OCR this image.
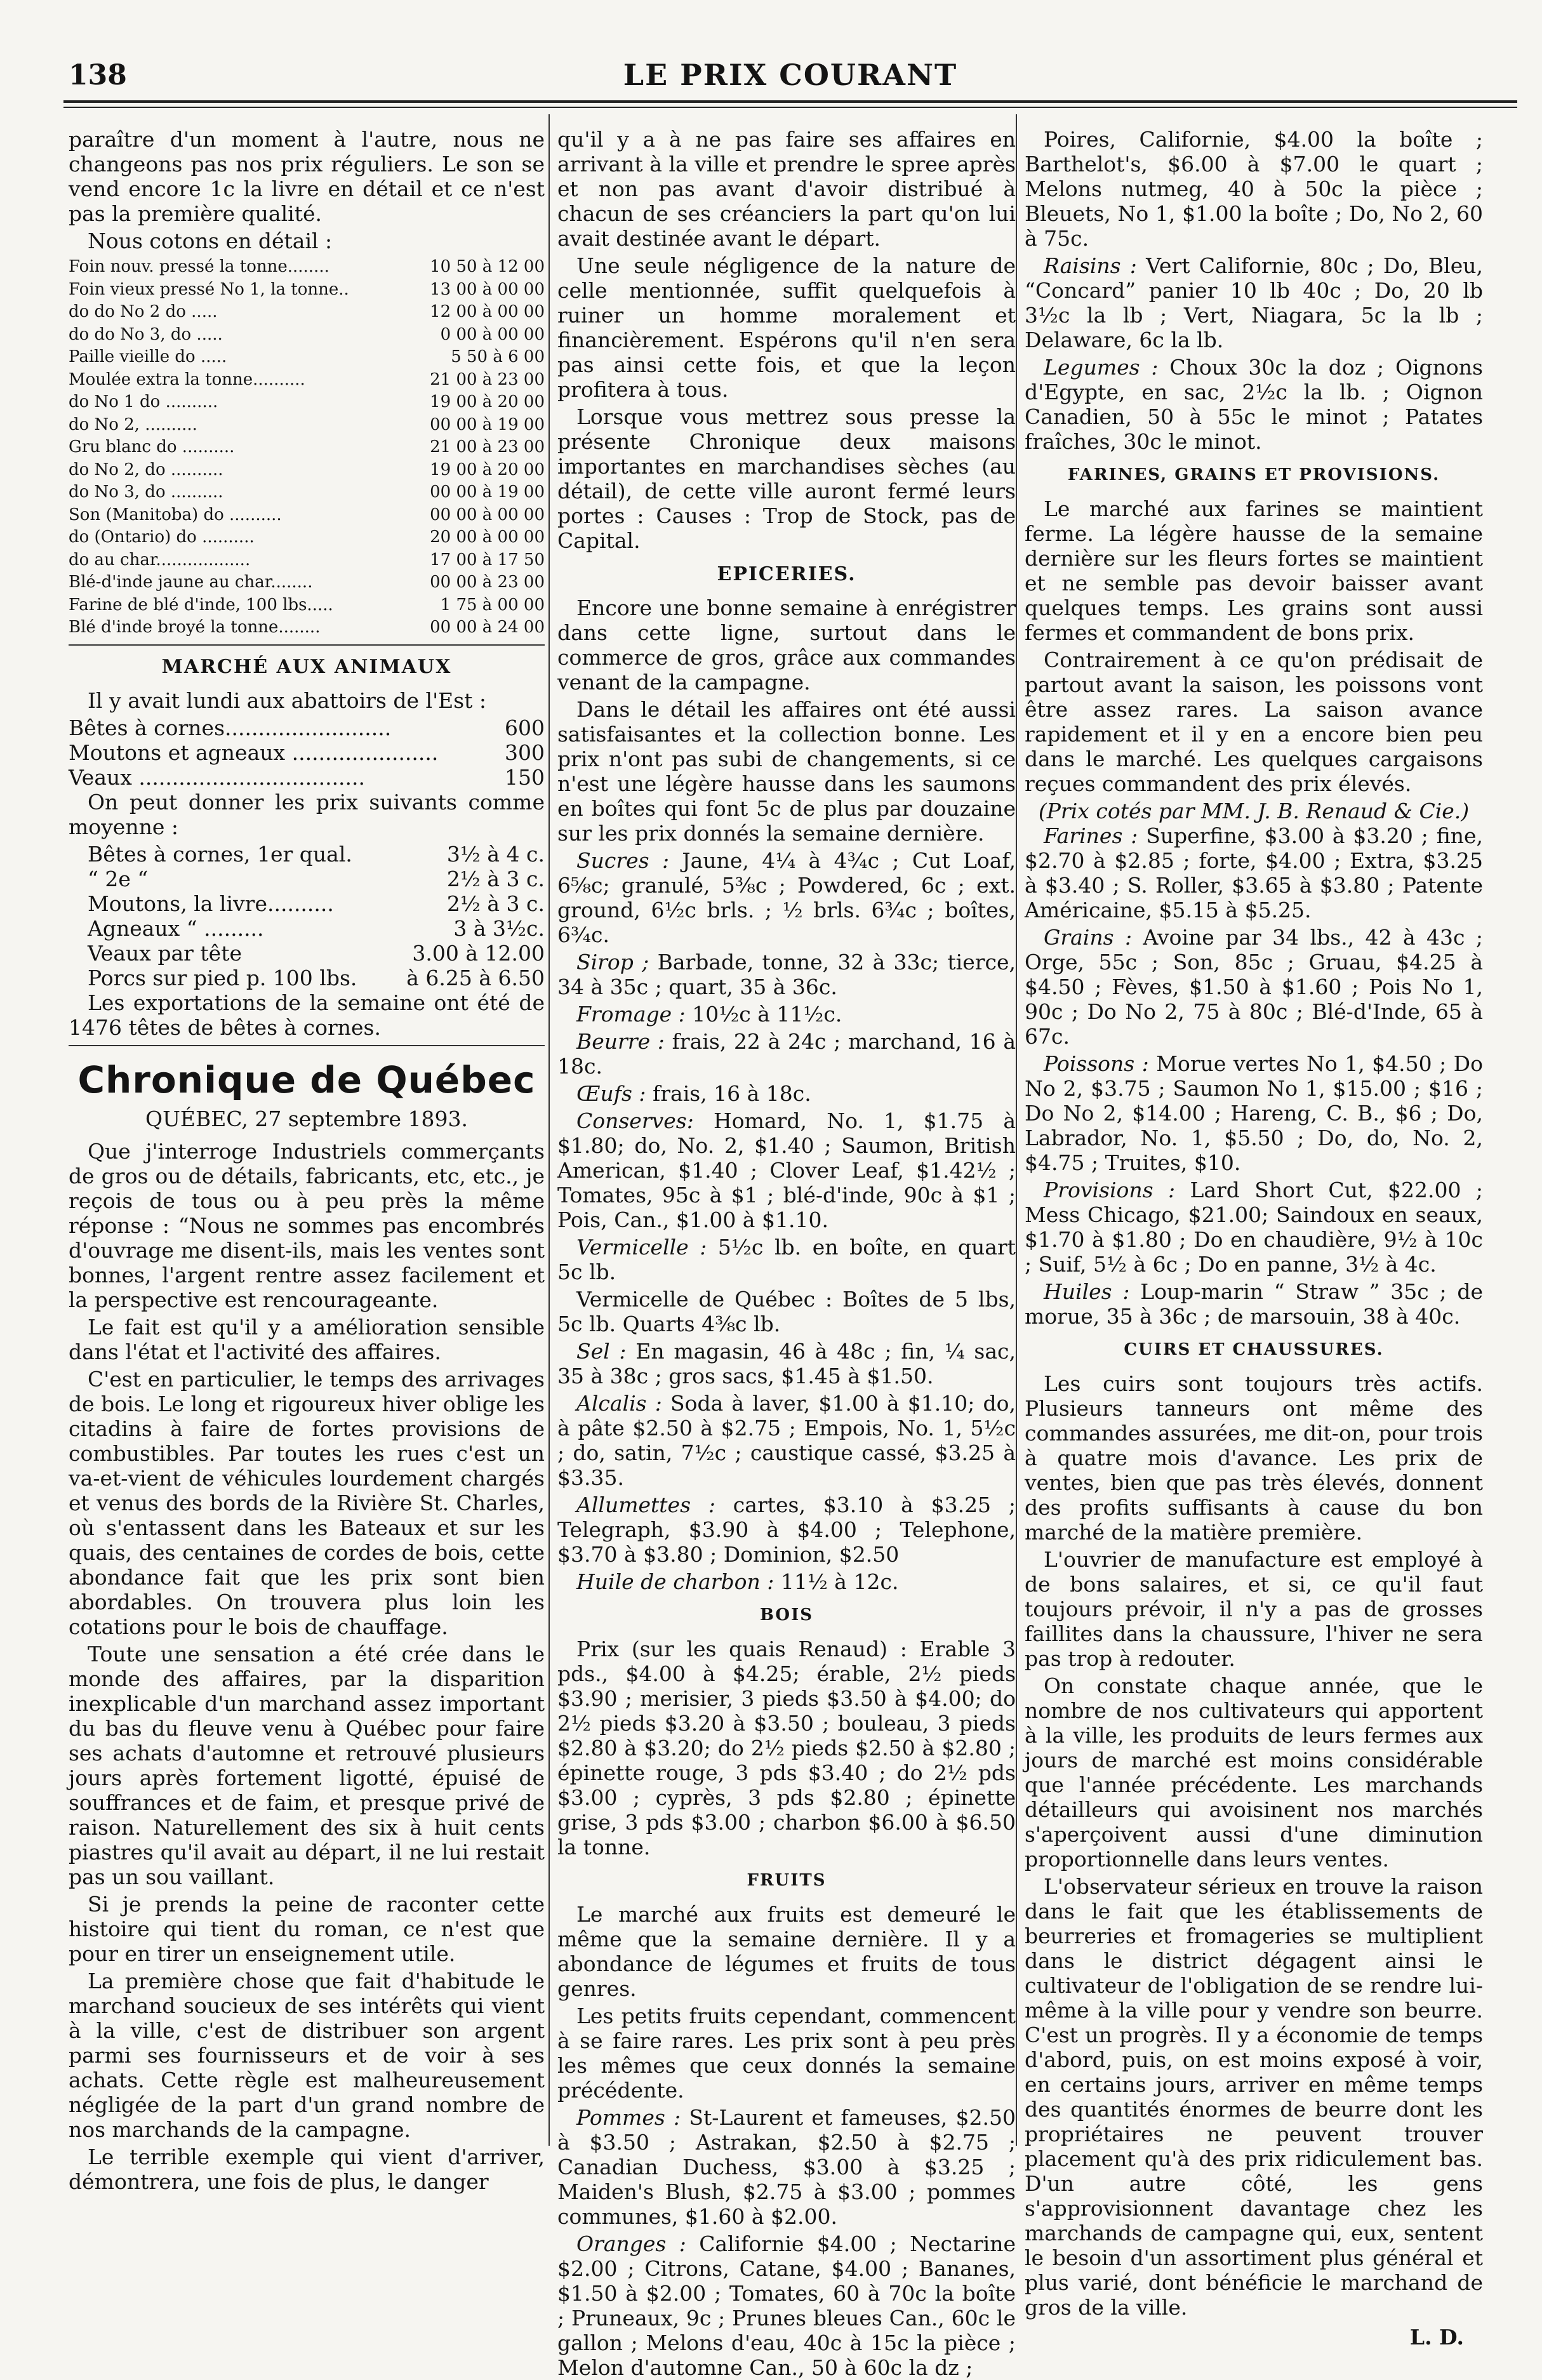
138	LE PRIX COURANT

paraître d'un moment à l'autre, nous ne changeons pas nos prix réguliers. Le son se vend encore 1c la livre en détail et ce n'est pas la première qualité.

Nous cotons en détail :

Foin nouv. pressé la tonne........	10 50 à 12 00
Foin vieux pressé No 1, la tonne..	13 00 à 00 00
do do No 2 do .....	12 00 à 00 00
do do No 3, do .....	0 00 à 00 00
Paille vieille do .....	5 50 à 6 00
Moulée extra la tonne..........	21 00 à 23 00
do No 1 do ..........	19 00 à 20 00
do No 2, ..........	00 00 à 19 00
Gru blanc do ..........	21 00 à 23 00
do No 2, do ..........	19 00 à 20 00
do No 3, do ..........	00 00 à 19 00
Son (Manitoba) do ..........	00 00 à 00 00
do (Ontario) do ..........	20 00 à 00 00
do au char..................	17 00 à 17 50
Blé-d'inde jaune au char........	00 00 à 23 00
Farine de blé d'inde, 100 lbs.....	1 75 à 00 00
Blé d'inde broyé la tonne........	00 00 à 24 00
MARCHÉ AUX ANIMAUX

Il y avait lundi aux abattoirs de l'Est :

Bêtes à cornes.........................	600
Moutons et agneaux ......................	300
Veaux ..................................	150

On peut donner les prix suivants comme moyenne :

Bêtes à cornes, 1er qual.	3½ à 4 c.
“ 2e “	2½ à 3 c.
Moutons, la livre..........	2½ à 3 c.
Agneaux “ .........	3 à 3½c.
Veaux par tête	3.00 à 12.00
Porcs sur pied p. 100 lbs. à 6.25 à 6.50

Les exportations de la semaine ont été de 1476 têtes de bêtes à cornes.

Chronique de Québec
QUÉBEC, 27 septembre 1893.

Que j'interroge Industriels commerçants de gros ou de détails, fabricants, etc, etc., je reçois de tous ou à peu près la même réponse : “Nous ne sommes pas encombrés d'ouvrage me disent-ils, mais les ventes sont bonnes, l'argent rentre assez facilement et la perspective est rencourageante.

Le fait est qu'il y a amélioration sensible dans l'état et l'activité des affaires.

C'est en particulier, le temps des arrivages de bois. Le long et rigoureux hiver oblige les citadins à faire de fortes provisions de combustibles. Par toutes les rues c'est un va-et-vient de véhicules lourdement chargés et venus des bords de la Rivière St. Charles, où s'entassent dans les Bateaux et sur les quais, des centaines de cordes de bois, cette abondance fait que les prix sont bien abordables. On trouvera plus loin les cotations pour le bois de chauffage.

Toute une sensation a été crée dans le monde des affaires, par la disparition inexplicable d'un marchand assez important du bas du fleuve venu à Québec pour faire ses achats d'automne et retrouvé plusieurs jours après fortement ligotté, épuisé de souffrances et de faim, et presque privé de raison. Naturellement des six à huit cents piastres qu'il avait au départ, il ne lui restait pas un sou vaillant.

Si je prends la peine de raconter cette histoire qui tient du roman, ce n'est que pour en tirer un enseignement utile.

La première chose que fait d'habitude le marchand soucieux de ses intérêts qui vient à la ville, c'est de distribuer son argent parmi ses fournisseurs et de voir à ses achats. Cette règle est malheureusement négligée de la part d'un grand nombre de nos marchands de la campagne.

Le terrible exemple qui vient d'arriver, démontrera, une fois de plus, le danger

qu'il y a à ne pas faire ses affaires en arrivant à la ville et prendre le spree après et non pas avant d'avoir distribué à chacun de ses créanciers la part qu'on lui avait destinée avant le départ.

Une seule négligence de la nature de celle mentionnée, suffit quelquefois à ruiner un homme moralement et financièrement. Espérons qu'il n'en sera pas ainsi cette fois, et que la leçon profitera à tous.

Lorsque vous mettrez sous presse la présente Chronique deux maisons importantes en marchandises sèches (au détail), de cette ville auront fermé leurs portes : Causes : Trop de Stock, pas de Capital.

EPICERIES.

Encore une bonne semaine à enrégistrer dans cette ligne, surtout dans le commerce de gros, grâce aux commandes venant de la campagne.

Dans le détail les affaires ont été aussi satisfaisantes et la collection bonne. Les prix n'ont pas subi de changements, si ce n'est une légère hausse dans les saumons en boîtes qui font 5c de plus par douzaine sur les prix donnés la semaine dernière.

Sucres : Jaune, 4¼ à 4¾c ; Cut Loaf, 6⅝c; granulé, 5⅜c ; Powdered, 6c ; ext. ground, 6½c brls. ; ½ brls. 6¾c ; boîtes, 6¾c.

Sirop ; Barbade, tonne, 32 à 33c; tierce, 34 à 35c ; quart, 35 à 36c.

Fromage : 10½c à 11½c.

Beurre : frais, 22 à 24c ; marchand, 16 à 18c.

Œufs : frais, 16 à 18c.

Conserves: Homard, No. 1, $1.75 à $1.80; do, No. 2, $1.40 ; Saumon, British American, $1.40 ; Clover Leaf, $1.42½ ; Tomates, 95c à $1 ; blé-d'inde, 90c à $1 ; Pois, Can., $1.00 à $1.10.

Vermicelle : 5½c lb. en boîte, en quart 5c lb.

Vermicelle de Québec : Boîtes de 5 lbs, 5c lb. Quarts 4⅜c lb.

Sel : En magasin, 46 à 48c ; fin, ¼ sac, 35 à 38c ; gros sacs, $1.45 à $1.50.

Alcalis : Soda à laver, $1.00 à $1.10; do, à pâte $2.50 à $2.75 ; Empois, No. 1, 5½c ; do, satin, 7½c ; caustique cassé, $3.25 à $3.35.

Allumettes : cartes, $3.10 à $3.25 ; Telegraph, $3.90 à $4.00 ; Telephone, $3.70 à $3.80 ; Dominion, $2.50

Huile de charbon : 11½ à 12c.

BOIS

Prix (sur les quais Renaud) : Erable 3 pds., $4.00 à $4.25; érable, 2½ pieds $3.90 ; merisier, 3 pieds $3.50 à $4.00; do 2½ pieds $3.20 à $3.50 ; bouleau, 3 pieds $2.80 à $3.20; do 2½ pieds $2.50 à $2.80 ; épinette rouge, 3 pds $3.40 ; do 2½ pds $3.00 ; cyprès, 3 pds $2.80 ; épinette grise, 3 pds $3.00 ; charbon $6.00 à $6.50 la tonne.

FRUITS

Le marché aux fruits est demeuré le même que la semaine dernière. Il y a abondance de légumes et fruits de tous genres.

Les petits fruits cependant, commencent à se faire rares. Les prix sont à peu près les mêmes que ceux donnés la semaine précédente.

Pommes : St-Laurent et fameuses, $2.50 à $3.50 ; Astrakan, $2.50 à $2.75 ; Canadian Duchess, $3.00 à $3.25 ; Maiden's Blush, $2.75 à $3.00 ; pommes communes, $1.60 à $2.00.

Oranges : Californie $4.00 ; Nectarine $2.00 ; Citrons, Catane, $4.00 ; Bananes, $1.50 à $2.00 ; Tomates, 60 à 70c la boîte ; Pruneaux, 9c ; Prunes bleues Can., 60c le gallon ; Melons d'eau, 40c à 15c la pièce ; Melon d'automne Can., 50 à 60c la dz ;

Poires, Californie, $4.00 la boîte ; Barthelot's, $6.00 à $7.00 le quart ; Melons nutmeg, 40 à 50c la pièce ; Bleuets, No 1, $1.00 la boîte ; Do, No 2, 60 à 75c.

Raisins : Vert Californie, 80c ; Do, Bleu, “Concard” panier 10 lb 40c ; Do, 20 lb 3½c la lb ; Vert, Niagara, 5c la lb ; Delaware, 6c la lb.

Legumes : Choux 30c la doz ; Oignons d'Egypte, en sac, 2½c la lb. ; Oignon Canadien, 50 à 55c le minot ; Patates fraîches, 30c le minot.

FARINES, GRAINS ET PROVISIONS.

Le marché aux farines se maintient ferme. La légère hausse de la semaine dernière sur les fleurs fortes se maintient et ne semble pas devoir baisser avant quelques temps. Les grains sont aussi fermes et commandent de bons prix.

Contrairement à ce qu'on prédisait de partout avant la saison, les poissons vont être assez rares. La saison avance rapidement et il y en a encore bien peu dans le marché. Les quelques cargaisons reçues commandent des prix élevés.

(Prix cotés par MM. J. B. Renaud & Cie.)

Farines : Superfine, $3.00 à $3.20 ; fine, $2.70 à $2.85 ; forte, $4.00 ; Extra, $3.25 à $3.40 ; S. Roller, $3.65 à $3.80 ; Patente Américaine, $5.15 à $5.25.

Grains : Avoine par 34 lbs., 42 à 43c ; Orge, 55c ; Son, 85c ; Gruau, $4.25 à $4.50 ; Fèves, $1.50 à $1.60 ; Pois No 1, 90c ; Do No 2, 75 à 80c ; Blé-d'Inde, 65 à 67c.

Poissons : Morue vertes No 1, $4.50 ; Do No 2, $3.75 ; Saumon No 1, $15.00 ; $16 ; Do No 2, $14.00 ; Hareng, C. B., $6 ; Do, Labrador, No. 1, $5.50 ; Do, do, No. 2, $4.75 ; Truites, $10.

Provisions : Lard Short Cut, $22.00 ; Mess Chicago, $21.00; Saindoux en seaux, $1.70 à $1.80 ; Do en chaudière, 9½ à 10c ; Suif, 5½ à 6c ; Do en panne, 3½ à 4c.

Huiles : Loup-marin “ Straw ” 35c ; de morue, 35 à 36c ; de marsouin, 38 à 40c.

CUIRS ET CHAUSSURES.

Les cuirs sont toujours très actifs. Plusieurs tanneurs ont même des commandes assurées, me dit-on, pour trois à quatre mois d'avance. Les prix de ventes, bien que pas très élevés, donnent des profits suffisants à cause du bon marché de la matière première.

L'ouvrier de manufacture est employé à de bons salaires, et si, ce qu'il faut toujours prévoir, il n'y a pas de grosses faillites dans la chaussure, l'hiver ne sera pas trop à redouter.

On constate chaque année, que le nombre de nos cultivateurs qui apportent à la ville, les produits de leurs fermes aux jours de marché est moins considérable que l'année précédente. Les marchands détailleurs qui avoisinent nos marchés s'aperçoivent aussi d'une diminution proportionnelle dans leurs ventes.

L'observateur sérieux en trouve la raison dans le fait que les établissements de beurreries et fromageries se multiplient dans le district dégagent ainsi le cultivateur de l'obligation de se rendre lui-même à la ville pour y vendre son beurre. C'est un progrès. Il y a économie de temps d'abord, puis, on est moins exposé à voir, en certains jours, arriver en même temps des quantités énormes de beurre dont les propriétaires ne peuvent trouver placement qu'à des prix ridiculement bas. D'un autre côté, les gens s'approvisionnent davantage chez les marchands de campagne qui, eux, sentent le besoin d'un assortiment plus général et plus varié, dont bénéficie le marchand de gros de la ville.

L. D.
